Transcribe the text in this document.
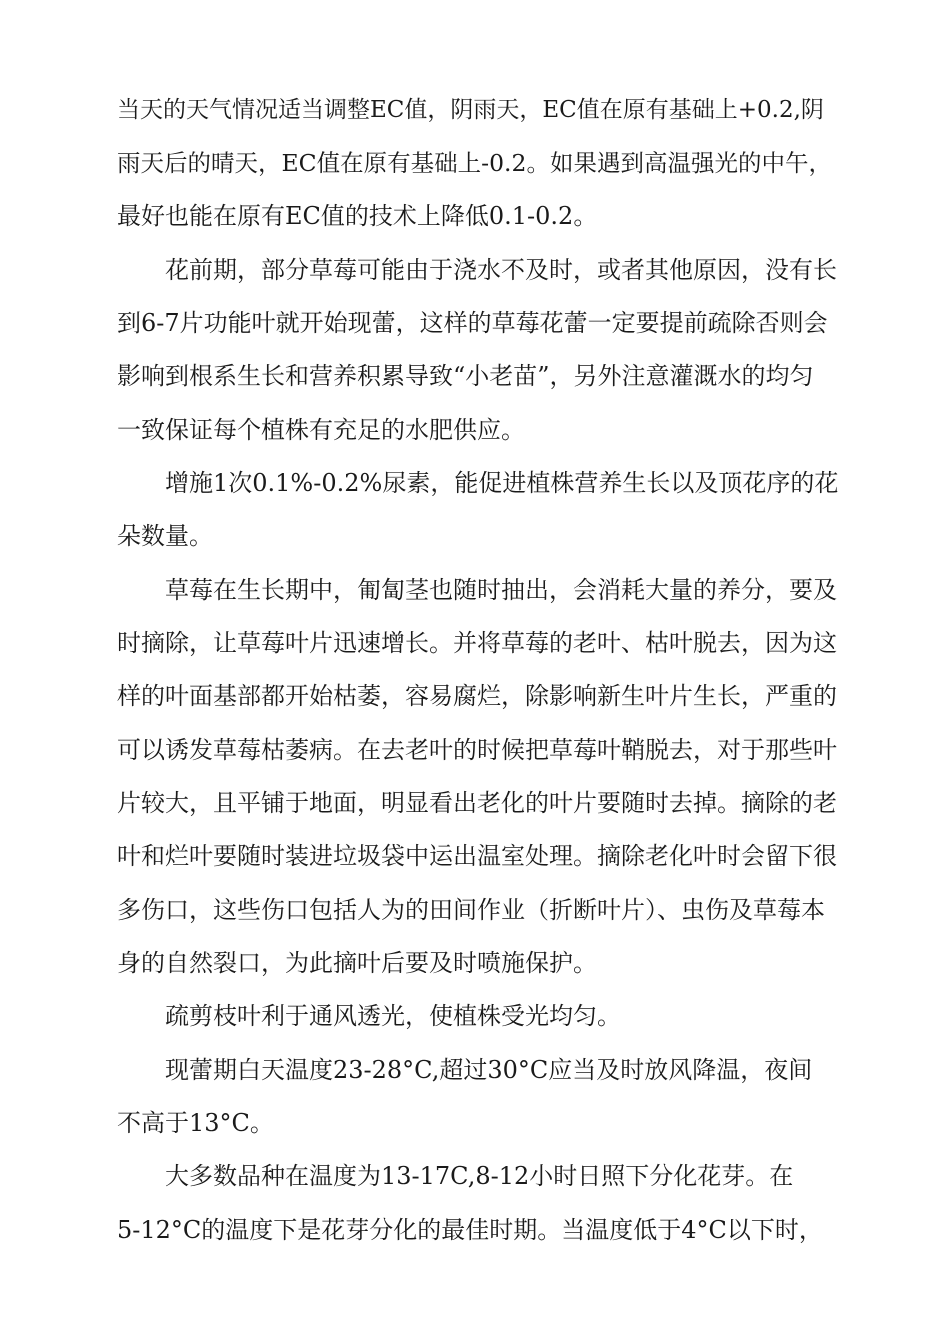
当天的天气情况适当调整EC值，阴雨天，EC值在原有基础上+0.2,阴

雨天后的晴天，EC值在原有基础上-0.2。如果遇到高温强光的中午，

最好也能在原有EC值的技术上降低0.1-0.2。

花前期，部分草莓可能由于浇水不及时，或者其他原因，没有长

到6-7片功能叶就开始现蕾，这样的草莓花蕾一定要提前疏除否则会

影响到根系生长和营养积累导致“小老苗”，另外注意灌溉水的均匀

一致保证每个植株有充足的水肥供应。

增施1次0.1%-0.2%尿素，能促进植株营养生长以及顶花序的花

朵数量。

草莓在生长期中，匍匐茎也随时抽出，会消耗大量的养分，要及

时摘除，让草莓叶片迅速增长。并将草莓的老叶、枯叶脱去，因为这

样的叶面基部都开始枯萎，容易腐烂，除影响新生叶片生长，严重的

可以诱发草莓枯萎病。在去老叶的时候把草莓叶鞘脱去，对于那些叶

片较大，且平铺于地面，明显看出老化的叶片要随时去掉。摘除的老

叶和烂叶要随时装进垃圾袋中运出温室处理。摘除老化叶时会留下很

多伤口，这些伤口包括人为的田间作业（折断叶片）、虫伤及草莓本

身的自然裂口，为此摘叶后要及时喷施保护。

疏剪枝叶利于通风透光，使植株受光均匀。

现蕾期白天温度23-28°C,超过30°C应当及时放风降温，夜间

不高于13°C。

大多数品种在温度为13-17C,8-12小时日照下分化花芽。在

5-12°C的温度下是花芽分化的最佳时期。当温度低于4°C以下时，
